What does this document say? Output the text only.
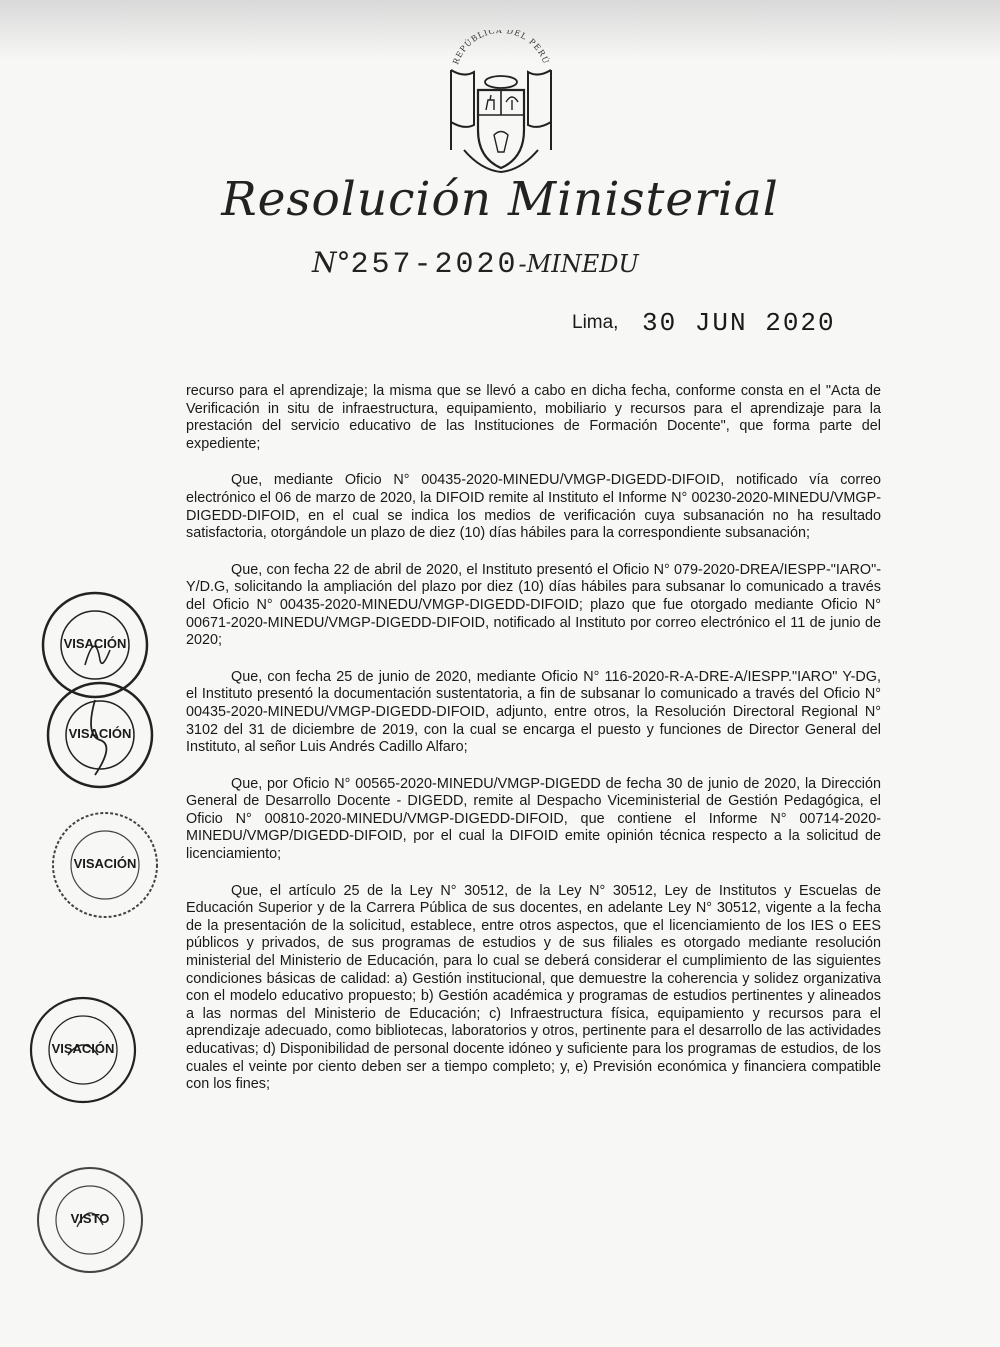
REPÚBLICA DEL PERÚ
Resolución Ministerial
N°257-2020-MINEDU
Lima, 30 JUN 2020

recurso para el aprendizaje; la misma que se llevó a cabo en dicha fecha, conforme consta en el "Acta de Verificación in situ de infraestructura, equipamiento, mobiliario y recursos para el aprendizaje para la prestación del servicio educativo de las Instituciones de Formación Docente", que forma parte del expediente;

Que, mediante Oficio N° 00435-2020-MINEDU/VMGP-DIGEDD-DIFOID, notificado vía correo electrónico el 06 de marzo de 2020, la DIFOID remite al Instituto el Informe N° 00230-2020-MINEDU/VMGP-DIGEDD-DIFOID, en el cual se indica los medios de verificación cuya subsanación no ha resultado satisfactoria, otorgándole un plazo de diez (10) días hábiles para la correspondiente subsanación;

Que, con fecha 22 de abril de 2020, el Instituto presentó el Oficio N° 079-2020-DREA/IESPP-"IARO"-Y/D.G, solicitando la ampliación del plazo por diez (10) días hábiles para subsanar lo comunicado a través del Oficio N° 00435-2020-MINEDU/VMGP-DIGEDD-DIFOID; plazo que fue otorgado mediante Oficio N° 00671-2020-MINEDU/VMGP-DIGEDD-DIFOID, notificado al Instituto por correo electrónico el 11 de junio de 2020;

Que, con fecha 25 de junio de 2020, mediante Oficio N° 116-2020-R-A-DRE-A/IESPP."IARO" Y-DG, el Instituto presentó la documentación sustentatoria, a fin de subsanar lo comunicado a través del Oficio N° 00435-2020-MINEDU/VMGP-DIGEDD-DIFOID, adjunto, entre otros, la Resolución Directoral Regional N° 3102 del 31 de diciembre de 2019, con la cual se encarga el puesto y funciones de Director General del Instituto, al señor Luis Andrés Cadillo Alfaro;

Que, por Oficio N° 00565-2020-MINEDU/VMGP-DIGEDD de fecha 30 de junio de 2020, la Dirección General de Desarrollo Docente - DIGEDD, remite al Despacho Viceministerial de Gestión Pedagógica, el Oficio N° 00810-2020-MINEDU/VMGP-DIGEDD-DIFOID, que contiene el Informe N° 00714-2020-MINEDU/VMGP/DIGEDD-DIFOID, por el cual la DIFOID emite opinión técnica respecto a la solicitud de licenciamiento;

Que, el artículo 25 de la Ley N° 30512, de la Ley N° 30512, Ley de Institutos y Escuelas de Educación Superior y de la Carrera Pública de sus docentes, en adelante Ley N° 30512, vigente a la fecha de la presentación de la solicitud, establece, entre otros aspectos, que el licenciamiento de los IES o EES públicos y privados, de sus programas de estudios y de sus filiales es otorgado mediante resolución ministerial del Ministerio de Educación, para lo cual se deberá considerar el cumplimiento de las siguientes condiciones básicas de calidad: a) Gestión institucional, que demuestre la coherencia y solidez organizativa con el modelo educativo propuesto; b) Gestión académica y programas de estudios pertinentes y alineados a las normas del Ministerio de Educación; c) Infraestructura física, equipamiento y recursos para el aprendizaje adecuado, como bibliotecas, laboratorios y otros, pertinente para el desarrollo de las actividades educativas; d) Disponibilidad de personal docente idóneo y suficiente para los programas de estudios, de los cuales el veinte por ciento deben ser a tiempo completo; y, e) Previsión económica y financiera compatible con los fines;

VISACIÓN
VISACIÓN
VISACIÓN
VISACIÓN
VISTO
